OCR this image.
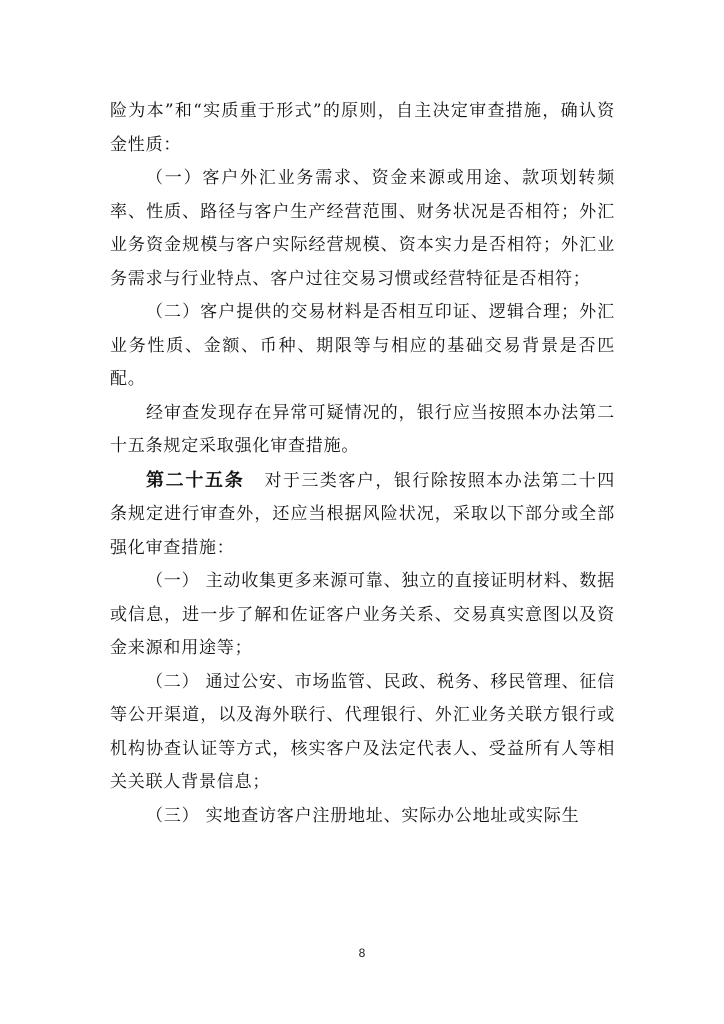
险为本”和“实质重于形式”的原则，自主决定审查措施，确认资金性质：

（一）客户外汇业务需求、资金来源或用途、款项划转频率、性质、路径与客户生产经营范围、财务状况是否相符；外汇业务资金规模与客户实际经营规模、资本实力是否相符；外汇业务需求与行业特点、客户过往交易习惯或经营特征是否相符；

（二）客户提供的交易材料是否相互印证、逻辑合理；外汇业务性质、金额、币种、期限等与相应的基础交易背景是否匹配。

经审查发现存在异常可疑情况的，银行应当按照本办法第二十五条规定采取强化审查措施。

第二十五条 对于三类客户，银行除按照本办法第二十四条规定进行审查外，还应当根据风险状况，采取以下部分或全部强化审查措施：

（一） 主动收集更多来源可靠、独立的直接证明材料、数据或信息，进一步了解和佐证客户业务关系、交易真实意图以及资金来源和用途等；

（二） 通过公安、市场监管、民政、税务、移民管理、征信等公开渠道，以及海外联行、代理银行、外汇业务关联方银行或机构协查认证等方式，核实客户及法定代表人、受益所有人等相关关联人背景信息；

（三） 实地查访客户注册地址、实际办公地址或实际生

8
